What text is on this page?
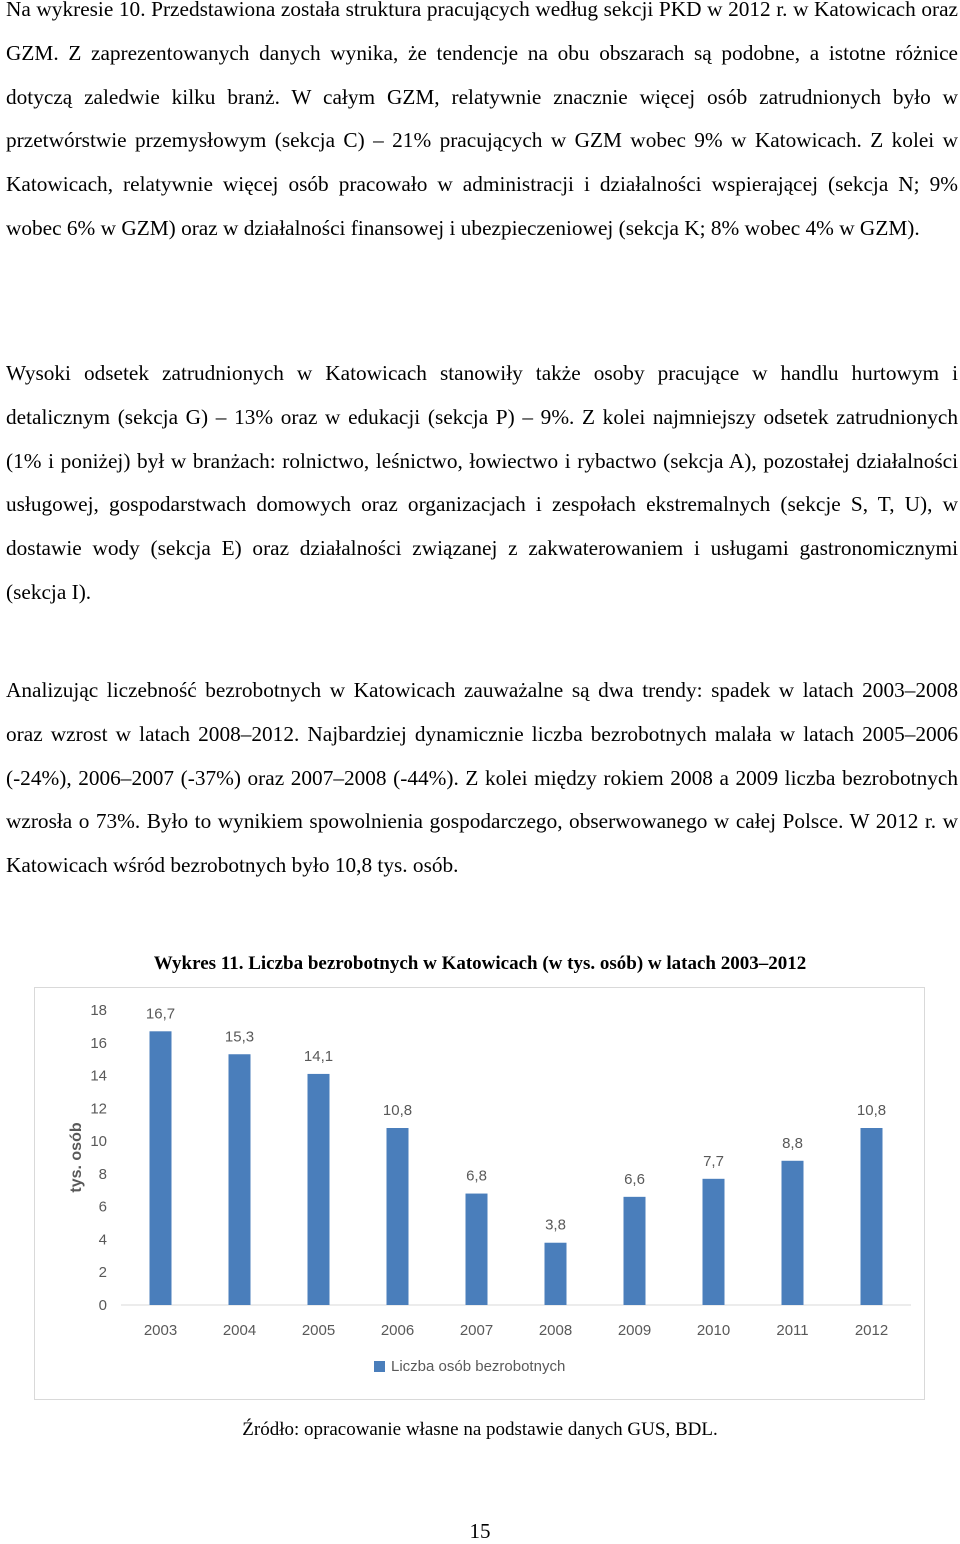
Na wykresie 10. Przedstawiona została struktura pracujących według sekcji PKD w 2012 r. w Katowicach oraz GZM. Z zaprezentowanych danych wynika, że tendencje na obu obszarach są podobne, a istotne różnice dotyczą zaledwie kilku branż. W całym GZM, relatywnie znacznie więcej osób zatrudnionych było w przetwórstwie przemysłowym (sekcja C) – 21% pracujących w GZM wobec 9% w Katowicach. Z kolei w Katowicach, relatywnie więcej osób pracowało w administracji i działalności wspierającej (sekcja N; 9% wobec 6% w GZM) oraz w działalności finansowej i ubezpieczeniowej (sekcja K; 8% wobec 4% w GZM).

Wysoki odsetek zatrudnionych w Katowicach stanowiły także osoby pracujące w handlu hurtowym i detalicznym (sekcja G) – 13% oraz w edukacji (sekcja P) – 9%. Z kolei najmniejszy odsetek zatrudnionych (1% i poniżej) był w branżach: rolnictwo, leśnictwo, łowiectwo i rybactwo (sekcja A), pozostałej działalności usługowej, gospodarstwach domowych oraz organizacjach i zespołach ekstremalnych (sekcje S, T, U), w dostawie wody (sekcja E) oraz działalności związanej z zakwaterowaniem i usługami gastronomicznymi (sekcja I).

Analizując liczebność bezrobotnych w Katowicach zauważalne są dwa trendy: spadek w latach 2003–2008 oraz wzrost w latach 2008–2012. Najbardziej dynamicznie liczba bezrobotnych malała w latach 2005–2006 (-24%), 2006–2007 (-37%) oraz 2007–2008 (-44%). Z kolei między rokiem 2008 a 2009 liczba bezrobotnych wzrosła o 73%. Było to wynikiem spowolnienia gospodarczego, obserwowanego w całej Polsce. W 2012 r. w Katowicach wśród bezrobotnych było 10,8 tys. osób.

Wykres 11. Liczba bezrobotnych w Katowicach (w tys. osób) w latach 2003–2012
tys. osób
0
2
4
6
8
10
12
14
16
18	16,7
2003
15,3
2004
14,1
2005
10,8
2006
6,8
2007
3,8
2008
6,6
2009
7,7
2010
8,8
2011
10,8
2012
Liczba osób bezrobotnych
Źródło: opracowanie własne na podstawie danych GUS, BDL.
15
